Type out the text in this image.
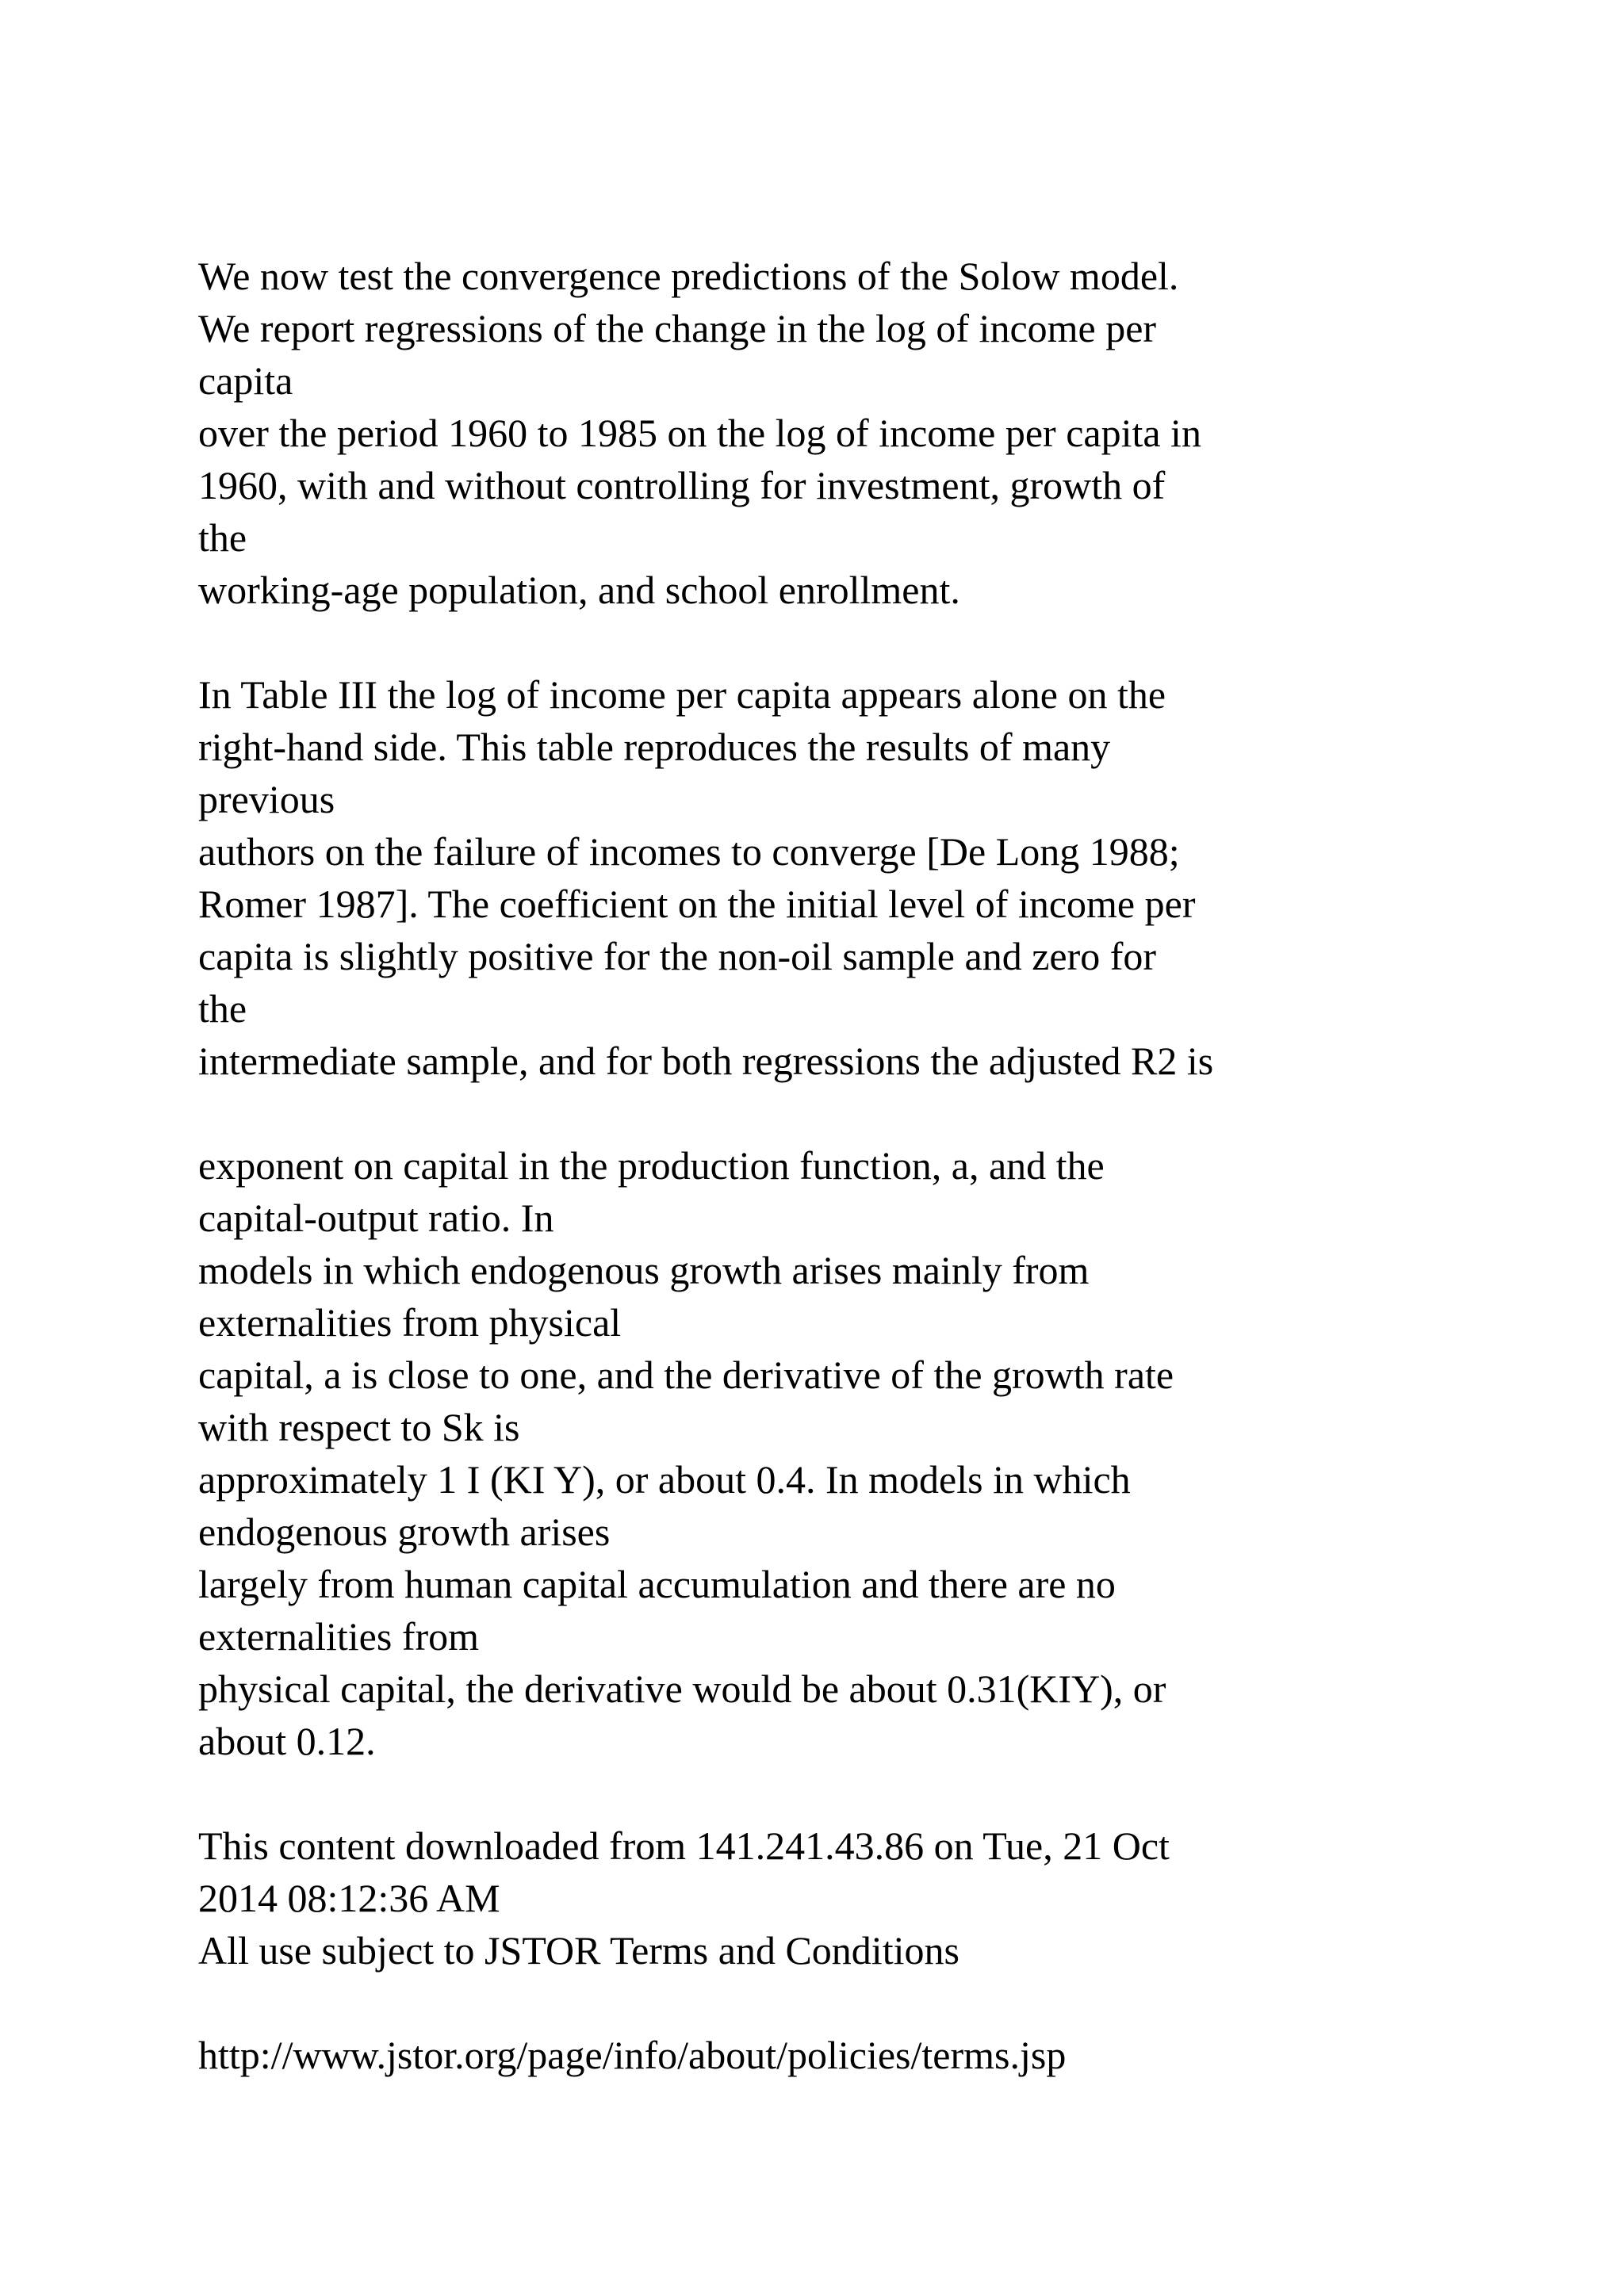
We now test the convergence predictions of the Solow model.
We report regressions of the change in the log of income per
capita
over the period 1960 to 1985 on the log of income per capita in
1960, with and without controlling for investment, growth of
the
working-age population, and school enrollment.
In Table III the log of income per capita appears alone on the
right-hand side. This table reproduces the results of many
previous
authors on the failure of incomes to converge [De Long 1988;
Romer 1987]. The coefficient on the initial level of income per
capita is slightly positive for the non-oil sample and zero for
the
intermediate sample, and for both regressions the adjusted R2 is
exponent on capital in the production function, a, and the
capital-output ratio. In
models in which endogenous growth arises mainly from
externalities from physical
capital, a is close to one, and the derivative of the growth rate
with respect to Sk is
approximately 1 I (KI Y), or about 0.4. In models in which
endogenous growth arises
largely from human capital accumulation and there are no
externalities from
physical capital, the derivative would be about 0.31(KIY), or
about 0.12.
This content downloaded from 141.241.43.86 on Tue, 21 Oct
2014 08:12:36 AM
All use subject to JSTOR Terms and Conditions
http://www.jstor.org/page/info/about/policies/terms.jsp
